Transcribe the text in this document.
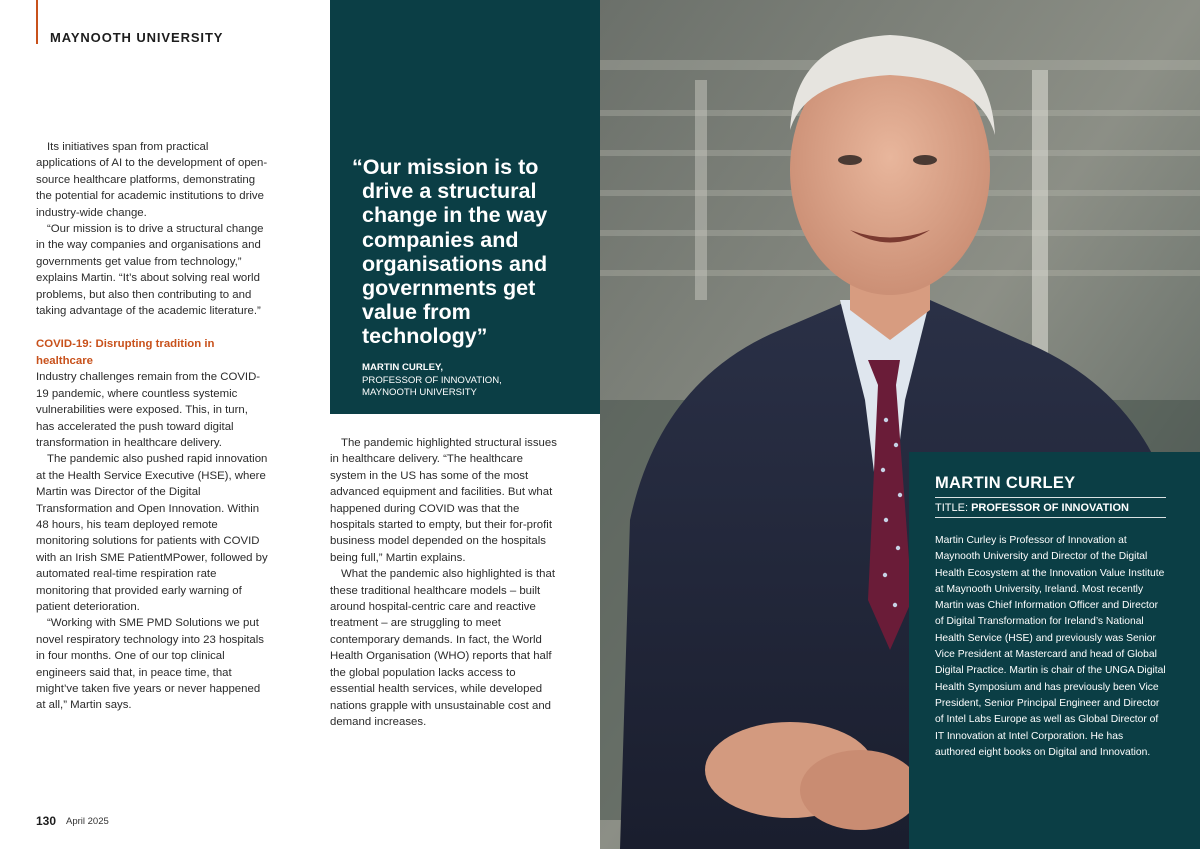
MAYNOOTH UNIVERSITY

Its initiatives span from practical applications of AI to the development of open-source healthcare platforms, demonstrating the potential for academic institutions to drive industry-wide change.

“Our mission is to drive a structural change in the way companies and organisations and governments get value from technology,” explains Martin. “It’s about solving real world problems, but also then contributing to and taking advantage of the academic literature.”

COVID-19: Disrupting tradition in healthcare

Industry challenges remain from the COVID-19 pandemic, where countless systemic vulnerabilities were exposed. This, in turn, has accelerated the push toward digital transformation in healthcare delivery.

The pandemic also pushed rapid innovation at the Health Service Executive (HSE), where Martin was Director of the Digital Transformation and Open Innovation. Within 48 hours, his team deployed remote monitoring solutions for patients with COVID with an Irish SME PatientMPower, followed by automated real-time respiration rate monitoring that provided early warning of patient deterioration.

“Working with SME PMD Solutions we put novel respiratory technology into 23 hospitals in four months. One of our top clinical engineers said that, in peace time, that might’ve taken five years or never happened at all,” Martin says.

“Our mission is to drive a structural change in the way companies and organisations and governments get value from technology”
MARTIN CURLEY,
PROFESSOR OF INNOVATION,
MAYNOOTH UNIVERSITY

The pandemic highlighted structural issues in healthcare delivery. “The healthcare system in the US has some of the most advanced equipment and facilities. But what happened during COVID was that the hospitals started to empty, but their for-profit business model depended on the hospitals being full,” Martin explains.

What the pandemic also highlighted is that these traditional healthcare models – built around hospital-centric care and reactive treatment – are struggling to meet contemporary demands. In fact, the World Health Organisation (WHO) reports that half the global population lacks access to essential health services, while developed nations grapple with unsustainable cost and demand increases.

MARTIN CURLEY
TITLE: PROFESSOR OF INNOVATION
Martin Curley is Professor of Innovation at Maynooth University and Director of the Digital Health Ecosystem at the Innovation Value Institute at Maynooth University, Ireland. Most recently Martin was Chief Information Officer and Director of Digital Transformation for Ireland’s National Health Service (HSE) and previously was Senior Vice President at Mastercard and head of Global Digital Practice. Martin is chair of the UNGA Digital Health Symposium and has previously been Vice President, Senior Principal Engineer and Director of Intel Labs Europe as well as Global Director of IT Innovation at Intel Corporation. He has authored eight books on Digital and Innovation.
130 April 2025
